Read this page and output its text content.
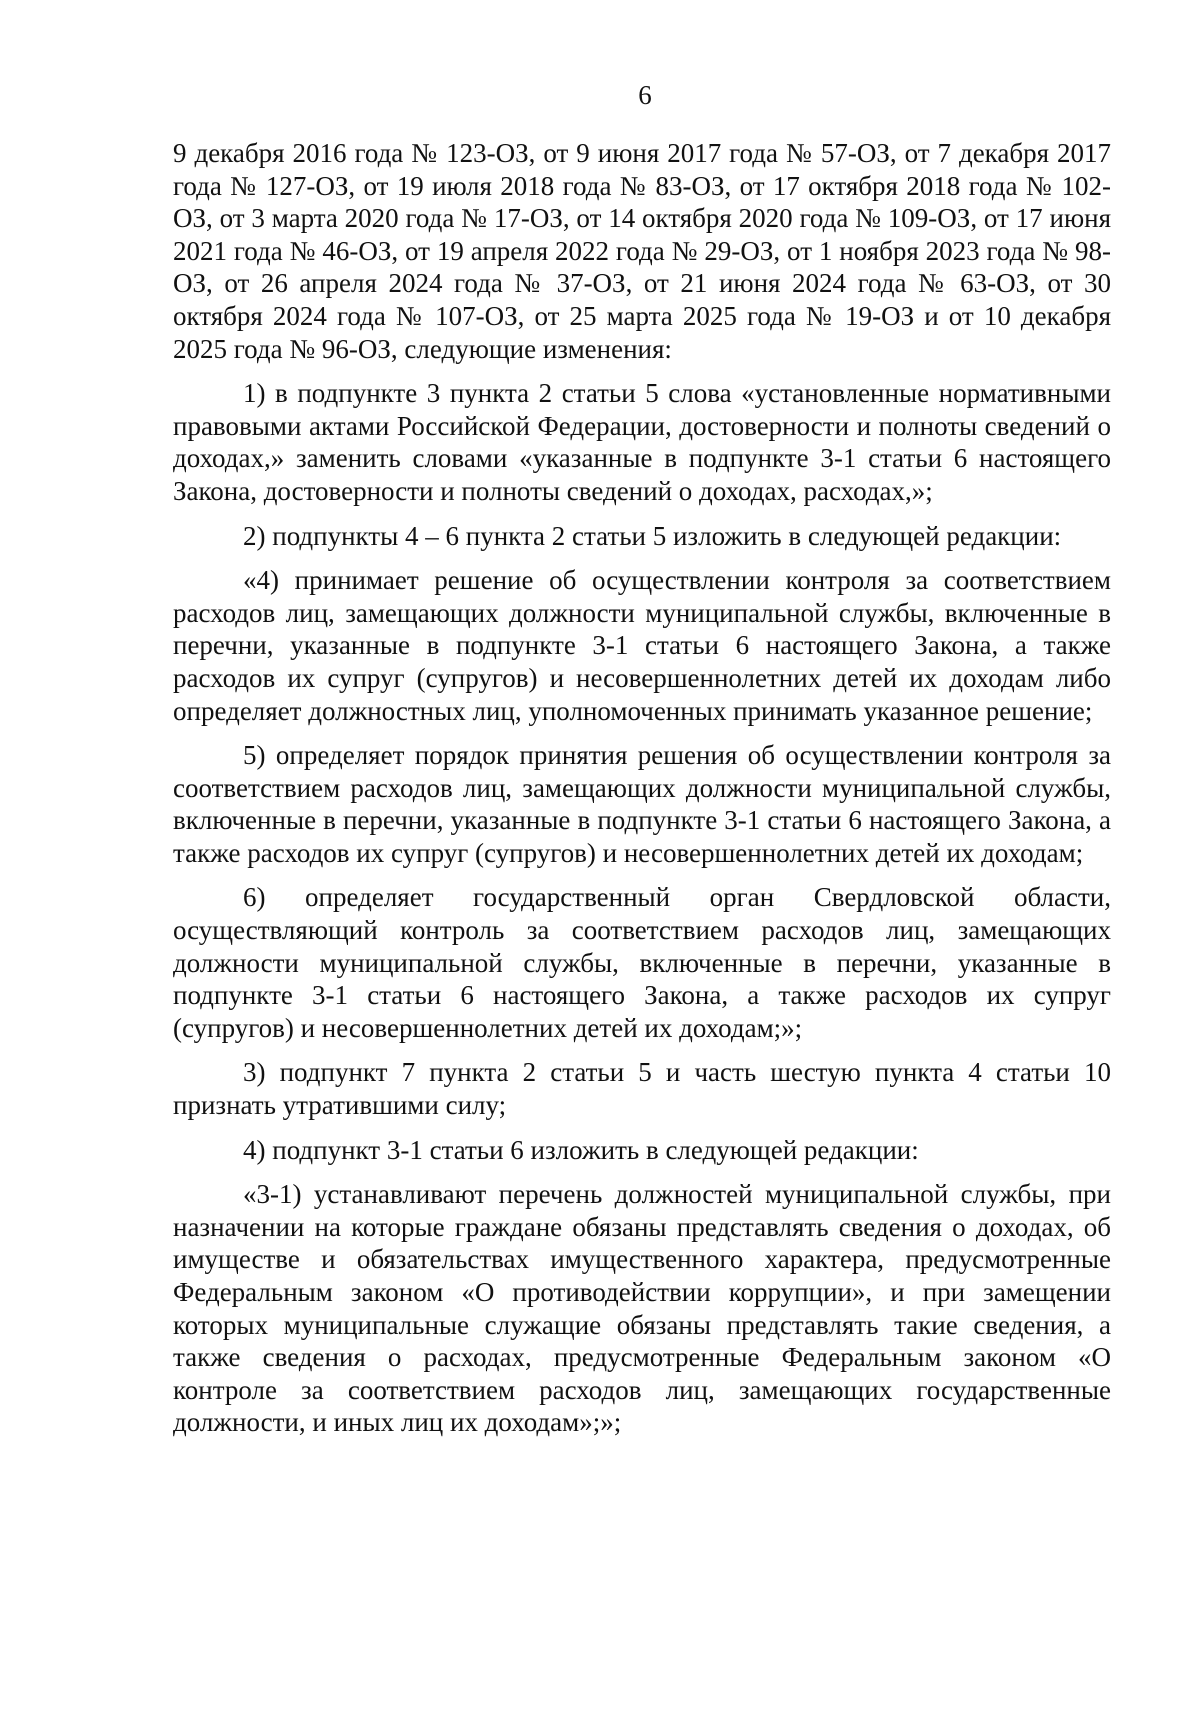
6

9 декабря 2016 года № 123-ОЗ, от 9 июня 2017 года № 57-ОЗ, от 7 декабря 2017 года № 127-ОЗ, от 19 июля 2018 года № 83-ОЗ, от 17 октября 2018 года № 102-ОЗ, от 3 марта 2020 года № 17-ОЗ, от 14 октября 2020 года № 109-ОЗ, от 17 июня 2021 года № 46-ОЗ, от 19 апреля 2022 года № 29-ОЗ, от 1 ноября 2023 года № 98-ОЗ, от 26 апреля 2024 года № 37-ОЗ, от 21 июня 2024 года № 63-ОЗ, от 30 октября 2024 года № 107-ОЗ, от 25 марта 2025 года № 19-ОЗ и от 10 декабря 2025 года № 96-ОЗ, следующие изменения:

1) в подпункте 3 пункта 2 статьи 5 слова «установленные нормативными правовыми актами Российской Федерации, достоверности и полноты сведений о доходах,» заменить словами «указанные в подпункте 3-1 статьи 6 настоящего Закона, достоверности и полноты сведений о доходах, расходах,»;

2) подпункты 4 – 6 пункта 2 статьи 5 изложить в следующей редакции:

«4) принимает решение об осуществлении контроля за соответствием расходов лиц, замещающих должности муниципальной службы, включенные в перечни, указанные в подпункте 3-1 статьи 6 настоящего Закона, а также расходов их супруг (супругов) и несовершеннолетних детей их доходам либо определяет должностных лиц, уполномоченных принимать указанное решение;

5) определяет порядок принятия решения об осуществлении контроля за соответствием расходов лиц, замещающих должности муниципальной службы, включенные в перечни, указанные в подпункте 3-1 статьи 6 настоящего Закона, а также расходов их супруг (супругов) и несовершеннолетних детей их доходам;

6) определяет государственный орган Свердловской области, осуществляющий контроль за соответствием расходов лиц, замещающих должности муниципальной службы, включенные в перечни, указанные в подпункте 3-1 статьи 6 настоящего Закона, а также расходов их супруг (супругов) и несовершеннолетних детей их доходам;»;

3) подпункт 7 пункта 2 статьи 5 и часть шестую пункта 4 статьи 10 признать утратившими силу;

4) подпункт 3-1 статьи 6 изложить в следующей редакции:

«3-1) устанавливают перечень должностей муниципальной службы, при назначении на которые граждане обязаны представлять сведения о доходах, об имуществе и обязательствах имущественного характера, предусмотренные Федеральным законом «О противодействии коррупции», и при замещении которых муниципальные служащие обязаны представлять такие сведения, а также сведения о расходах, предусмотренные Федеральным законом «О контроле за соответствием расходов лиц, замещающих государственные должности, и иных лиц их доходам»;»;
